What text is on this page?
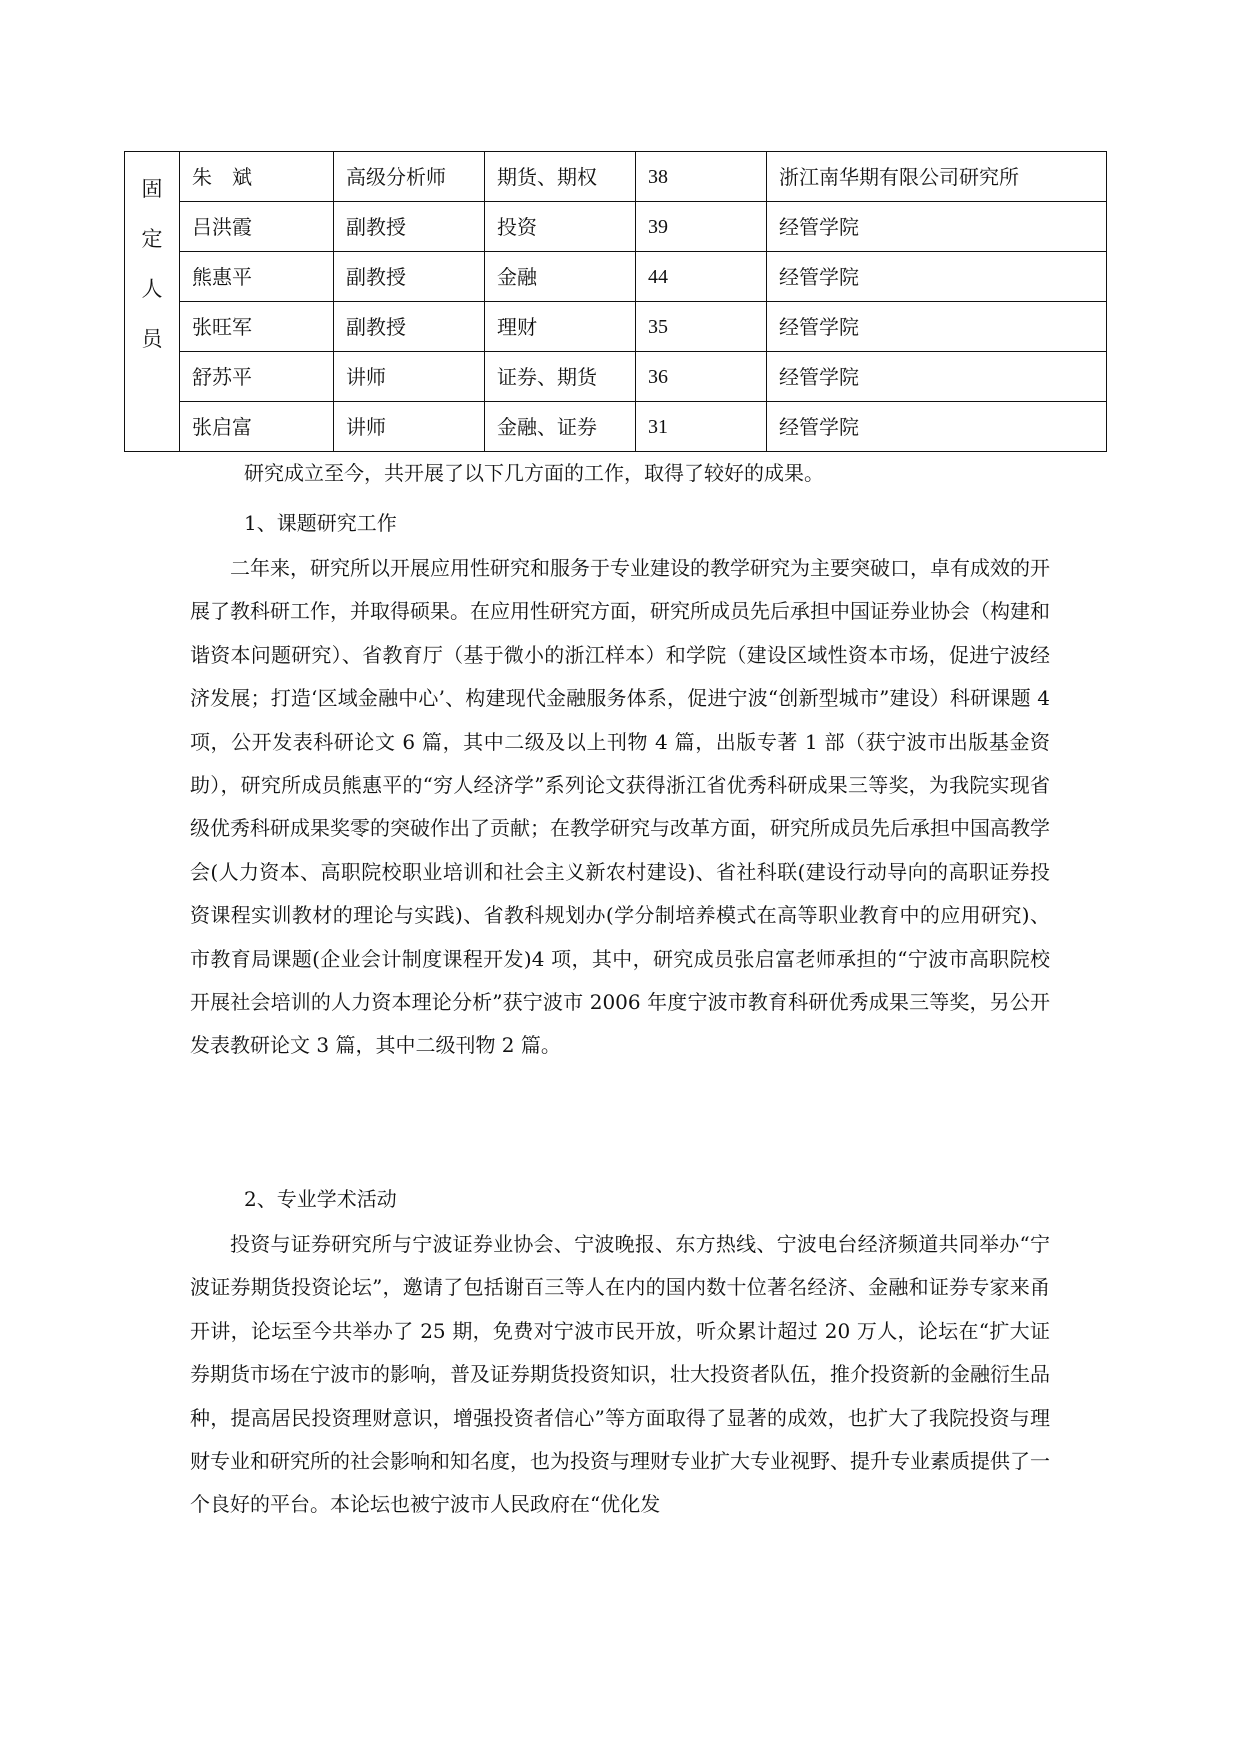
固定人员	朱　斌	高级分析师	期货、期权	38	浙江南华期有限公司研究所
	吕洪霞	副教授	投资	39	经管学院
	熊惠平	副教授	金融	44	经管学院
	张旺军	副教授	理财	35	经管学院
	舒苏平	讲师	证券、期货	36	经管学院
	张启富	讲师	金融、证券	31	经管学院

研究成立至今，共开展了以下几方面的工作，取得了较好的成果。

1、课题研究工作

二年来，研究所以开展应用性研究和服务于专业建设的教学研究为主要突破口，卓有成效的开展了教科研工作，并取得硕果。在应用性研究方面，研究所成员先后承担中国证券业协会（构建和谐资本问题研究）、省教育厅（基于微小的浙江样本）和学院（建设区域性资本市场，促进宁波经济发展；打造‘区域金融中心’、构建现代金融服务体系，促进宁波“创新型城市”建设）科研课题 4 项，公开发表科研论文 6 篇，其中二级及以上刊物 4 篇，出版专著 1 部（获宁波市出版基金资助），研究所成员熊惠平的“穷人经济学”系列论文获得浙江省优秀科研成果三等奖，为我院实现省级优秀科研成果奖零的突破作出了贡献；在教学研究与改革方面，研究所成员先后承担中国高教学会(人力资本、高职院校职业培训和社会主义新农村建设)、省社科联(建设行动导向的高职证券投资课程实训教材的理论与实践)、省教科规划办(学分制培养模式在高等职业教育中的应用研究)、市教育局课题(企业会计制度课程开发)4 项，其中，研究成员张启富老师承担的“宁波市高职院校开展社会培训的人力资本理论分析”获宁波市 2006 年度宁波市教育科研优秀成果三等奖，另公开发表教研论文 3 篇，其中二级刊物 2 篇。

2、专业学术活动

投资与证券研究所与宁波证券业协会、宁波晚报、东方热线、宁波电台经济频道共同举办“宁波证券期货投资论坛”，邀请了包括谢百三等人在内的国内数十位著名经济、金融和证券专家来甬开讲，论坛至今共举办了 25 期，免费对宁波市民开放，听众累计超过 20 万人，论坛在“扩大证券期货市场在宁波市的影响，普及证券期货投资知识，壮大投资者队伍，推介投资新的金融衍生品种，提高居民投资理财意识，增强投资者信心”等方面取得了显著的成效，也扩大了我院投资与理财专业和研究所的社会影响和知名度，也为投资与理财专业扩大专业视野、提升专业素质提供了一个良好的平台。本论坛也被宁波市人民政府在“优化发
